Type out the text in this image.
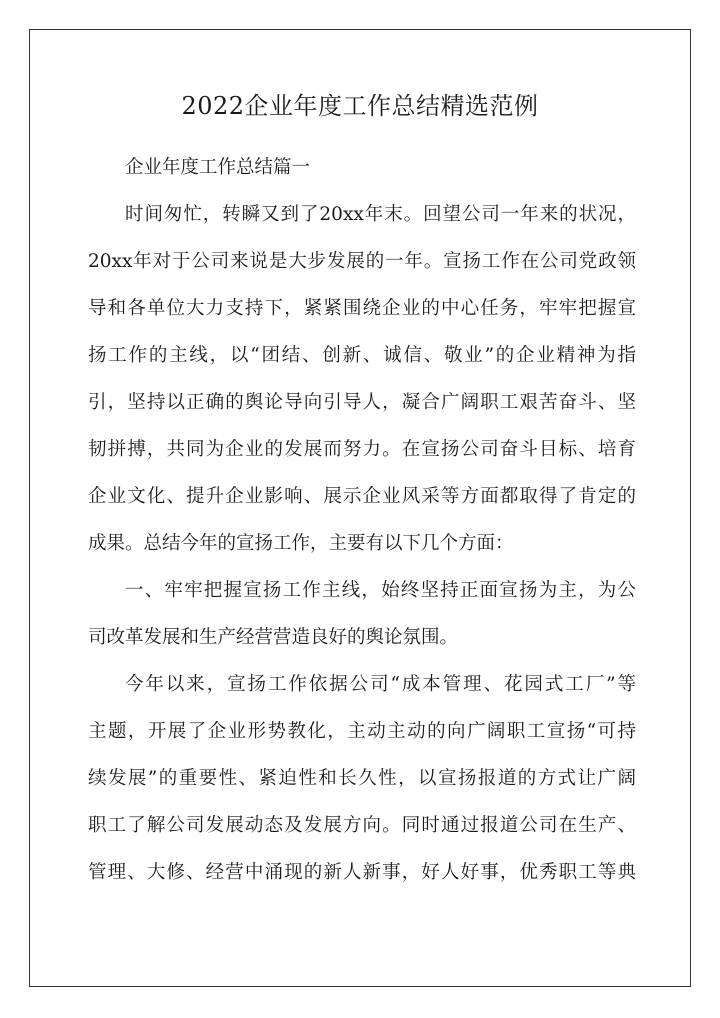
2022企业年度工作总结精选范例
企业年度工作总结篇一
时间匆忙，转瞬又到了20xx年末。回望公司一年来的状况，
20xx年对于公司来说是大步发展的一年。宣扬工作在公司党政领
导和各单位大力支持下，紧紧围绕企业的中心任务，牢牢把握宣
扬工作的主线，以“团结、创新、诚信、敬业”的企业精神为指
引，坚持以正确的舆论导向引导人，凝合广阔职工艰苦奋斗、坚
韧拼搏，共同为企业的发展而努力。在宣扬公司奋斗目标、培育
企业文化、提升企业影响、展示企业风采等方面都取得了肯定的
成果。总结今年的宣扬工作，主要有以下几个方面：
一、牢牢把握宣扬工作主线，始终坚持正面宣扬为主，为公
司改革发展和生产经营营造良好的舆论氛围。
今年以来，宣扬工作依据公司“成本管理、花园式工厂”等
主题，开展了企业形势教化，主动主动的向广阔职工宣扬“可持
续发展”的重要性、紧迫性和长久性，以宣扬报道的方式让广阔
职工了解公司发展动态及发展方向。同时通过报道公司在生产、
管理、大修、经营中涌现的新人新事，好人好事，优秀职工等典
